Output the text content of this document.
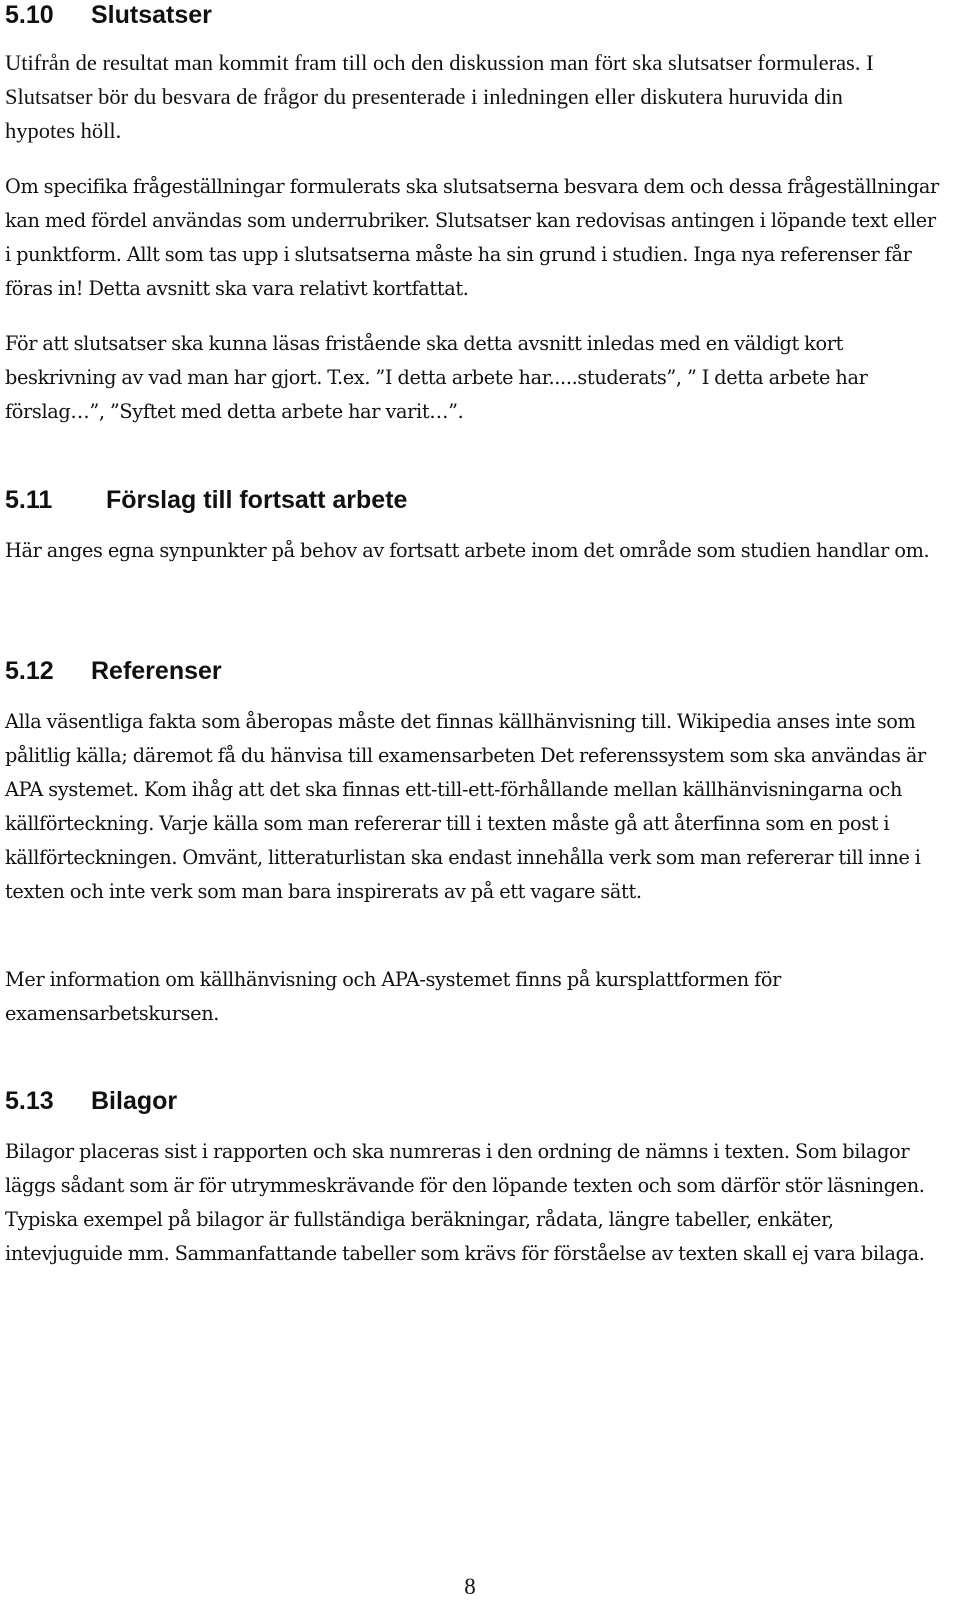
5.10	Slutsatser

Utifrån de resultat man kommit fram till och den diskussion man fört ska slutsatser formuleras. I Slutsatser bör du besvara de frågor du presenterade i inledningen eller diskutera huruvida din hypotes höll.

Om specifika frågeställningar formulerats ska slutsatserna besvara dem och dessa frågeställningar kan med fördel användas som underrubriker. Slutsatser kan redovisas antingen i löpande text eller i punktform. Allt som tas upp i slutsatserna måste ha sin grund i studien. Inga nya referenser får föras in! Detta avsnitt ska vara relativt kortfattat.

För att slutsatser ska kunna läsas fristående ska detta avsnitt inledas med en väldigt kort beskrivning av vad man har gjort. T.ex. ”I detta arbete har.....studerats”, ” I detta arbete har förslag…”, ”Syftet med detta arbete har varit…”.

5.11	Förslag till fortsatt arbete

Här anges egna synpunkter på behov av fortsatt arbete inom det område som studien handlar om.

5.12	Referenser

Alla väsentliga fakta som åberopas måste det finnas källhänvisning till. Wikipedia anses inte som pålitlig källa; däremot få du hänvisa till examensarbeten Det referenssystem som ska användas är APA systemet. Kom ihåg att det ska finnas ett-till-ett-förhållande mellan källhänvisningarna och källförteckning. Varje källa som man refererar till i texten måste gå att återfinna som en post i källförteckningen. Omvänt, litteraturlistan ska endast innehålla verk som man refererar till inne i texten och inte verk som man bara inspirerats av på ett vagare sätt.

Mer information om källhänvisning och APA-systemet finns på kursplattformen för examensarbetskursen.

5.13	Bilagor

Bilagor placeras sist i rapporten och ska numreras i den ordning de nämns i texten. Som bilagor läggs sådant som är för utrymmeskrävande för den löpande texten och som därför stör läsningen. Typiska exempel på bilagor är fullständiga beräkningar, rådata, längre tabeller, enkäter, intevjuguide mm. Sammanfattande tabeller som krävs för förståelse av texten skall ej vara bilaga.

8
